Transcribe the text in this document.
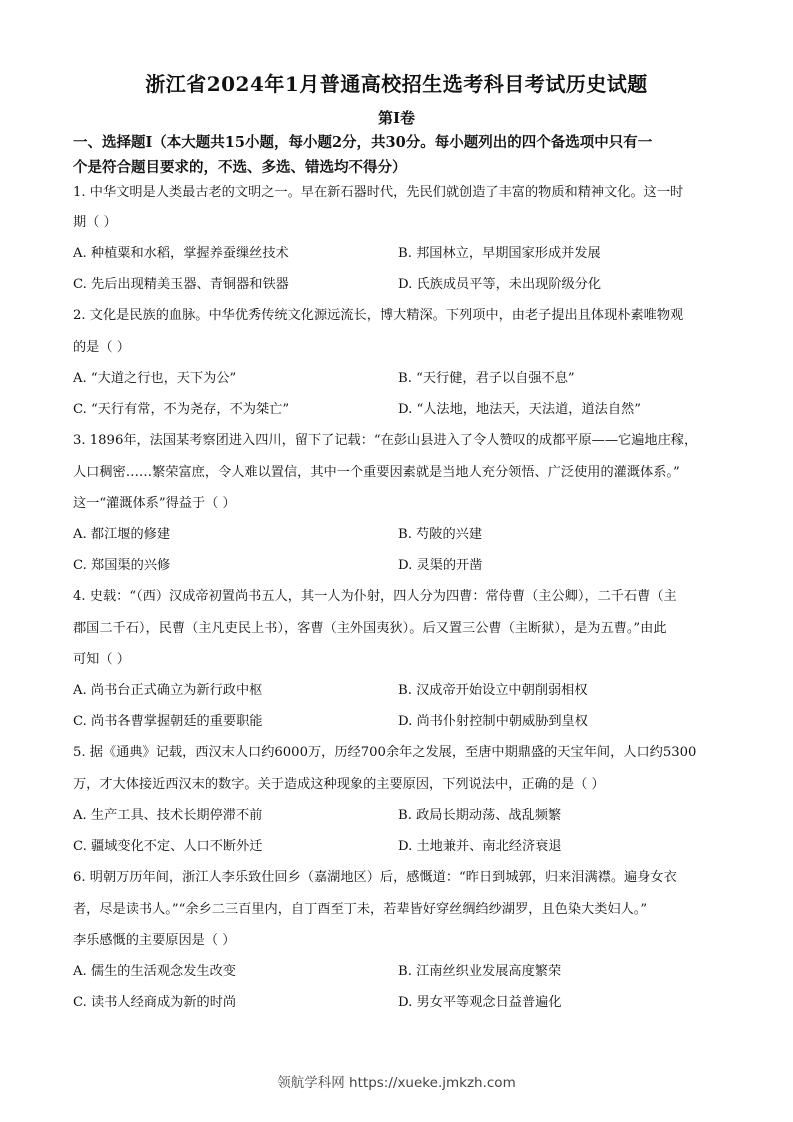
浙江省2024年1月普通高校招生选考科目考试历史试题
第Ⅰ卷
一、选择题Ⅰ（本大题共15小题，每小题2分，共30分。每小题列出的四个备选项中只有一
个是符合题目要求的，不选、多选、错选均不得分）
1. 中华文明是人类最古老的文明之一。早在新石器时代，先民们就创造了丰富的物质和精神文化。这一时
期（ ）
A. 种植粟和水稻，掌握养蚕缫丝技术	B. 邦国林立，早期国家形成并发展
C. 先后出现精美玉器、青铜器和铁器	D. 氏族成员平等，未出现阶级分化
2. 文化是民族的血脉。中华优秀传统文化源远流长，博大精深。下列项中，由老子提出且体现朴素唯物观
的是（ ）
A. “大道之行也，天下为公”	B. “天行健，君子以自强不息”
C. “天行有常，不为尧存，不为桀亡”	D. “人法地，地法天，天法道，道法自然”
3. 1896年，法国某考察团进入四川，留下了记载：“在彭山县进入了令人赞叹的成都平原——它遍地庄稼，
人口稠密……繁荣富庶，令人难以置信，其中一个重要因素就是当地人充分领悟、广泛使用的灌溉体系。”
这一“灌溉体系”得益于（ ）
A. 都江堰的修建	B. 芍陂的兴建
C. 郑国渠的兴修	D. 灵渠的开凿
4. 史载：“（西）汉成帝初置尚书五人，其一人为仆射，四人分为四曹：常侍曹（主公卿），二千石曹（主
郡国二千石），民曹（主凡吏民上书），客曹（主外国夷狄）。后又置三公曹（主断狱），是为五曹。”由此
可知（ ）
A. 尚书台正式确立为新行政中枢	B. 汉成帝开始设立中朝削弱相权
C. 尚书各曹掌握朝廷的重要职能	D. 尚书仆射控制中朝威胁到皇权
5. 据《通典》记载，西汉末人口约6000万，历经700余年之发展，至唐中期鼎盛的天宝年间，人口约5300
万，才大体接近西汉末的数字。关于造成这种现象的主要原因，下列说法中，正确的是（ ）
A. 生产工具、技术长期停滞不前	B. 政局长期动荡、战乱频繁
C. 疆域变化不定、人口不断外迁	D. 土地兼并、南北经济衰退
6. 明朝万历年间，浙江人李乐致仕回乡（嘉湖地区）后，感慨道：“昨日到城郭，归来泪满襟。遍身女衣
者，尽是读书人。”“余乡二三百里内，自丁酉至丁未，若辈皆好穿丝绸绉纱湖罗，且色染大类妇人。”
李乐感慨的主要原因是（ ）
A. 儒生的生活观念发生改变	B. 江南丝织业发展高度繁荣
C. 读书人经商成为新的时尚	D. 男女平等观念日益普遍化
领航学科网 https://xueke.jmkzh.com
